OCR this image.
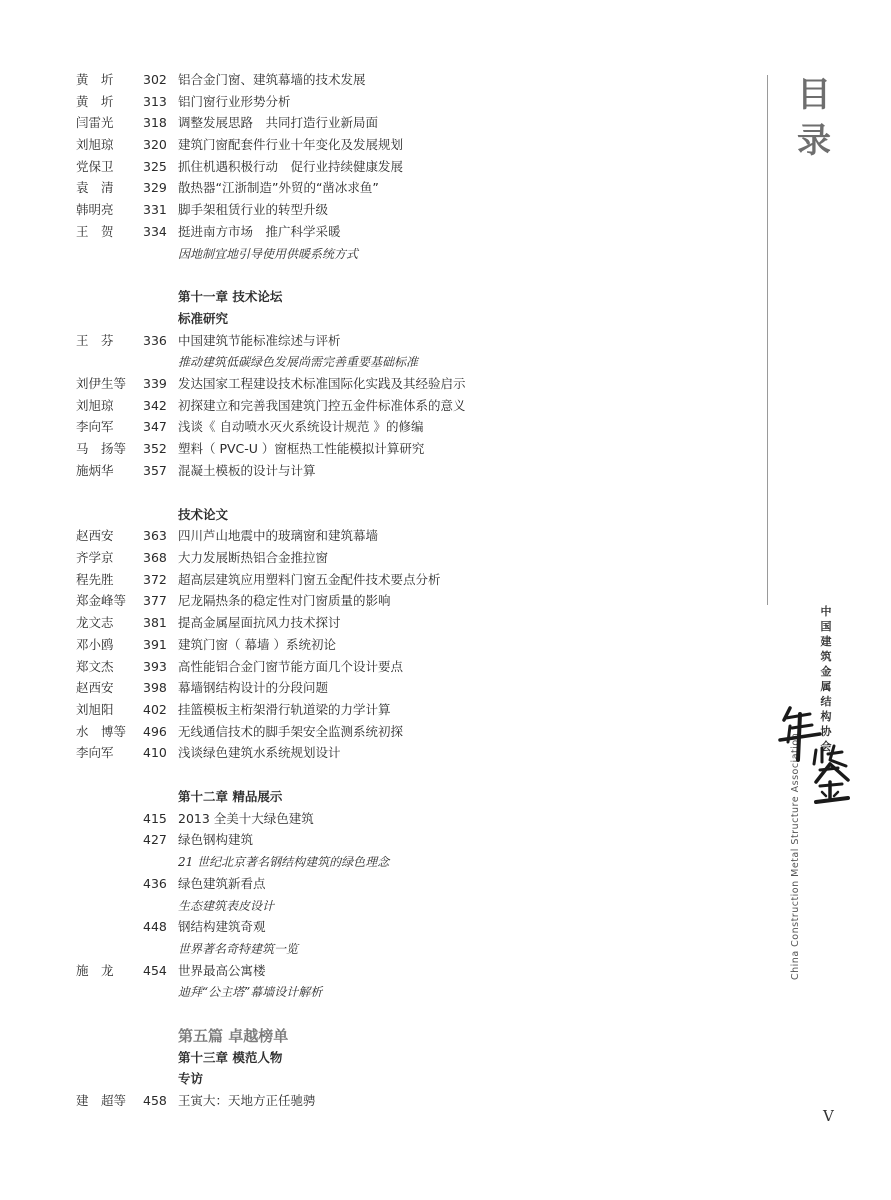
黄　圻 302 铝合金门窗、建筑幕墙的技术发展
黄　圻 313 铝门窗行业形势分析
闫雷光 318 调整发展思路　共同打造行业新局面
刘旭琼 320 建筑门窗配套件行业十年变化及发展规划
党保卫 325 抓住机遇积极行动　促行业持续健康发展
袁　清 329 散热器“江浙制造”外贸的“凿冰求鱼”
韩明亮 331 脚手架租赁行业的转型升级
王　贺 334 挺进南方市场　推广科学采暖
因地制宜地引导使用供暖系统方式
第十一章 技术论坛
标准研究
王　芬 336 中国建筑节能标准综述与评析
推动建筑低碳绿色发展尚需完善重要基础标准
刘伊生等 339 发达国家工程建设技术标准国际化实践及其经验启示
刘旭琼 342 初探建立和完善我国建筑门控五金件标准体系的意义
李向军 347 浅谈《 自动喷水灭火系统设计规范 》的修编
马　扬等 352 塑料（ PVC-U ）窗框热工性能模拟计算研究
施炳华 357 混凝土模板的设计与计算
技术论文
赵西安 363 四川芦山地震中的玻璃窗和建筑幕墙
齐学京 368 大力发展断热铝合金推拉窗
程先胜 372 超高层建筑应用塑料门窗五金配件技术要点分析
郑金峰等 377 尼龙隔热条的稳定性对门窗质量的影响
龙文志 381 提高金属屋面抗风力技术探讨
邓小鸥 391 建筑门窗（ 幕墙 ）系统初论
郑文杰 393 高性能铝合金门窗节能方面几个设计要点
赵西安 398 幕墙钢结构设计的分段问题
刘旭阳 402 挂篮模板主桁架滑行轨道梁的力学计算
水　博等 496 无线通信技术的脚手架安全监测系统初探
李向军 410 浅谈绿色建筑水系统规划设计
第十二章 精品展示
415 2013 全美十大绿色建筑
427 绿色钢构建筑
21 世纪北京著名钢结构建筑的绿色理念
436 绿色建筑新看点
生态建筑表皮设计
448 钢结构建筑奇观
世界著名奇特建筑一览
施　龙 454 世界最高公寓楼
迪拜“公主塔”幕墙设计解析
第五篇 卓越榜单
第十三章 模范人物
专访
建　超等 458 王寅大：天地方正任驰骋
目
录
中
国
建
筑
金
属
结
构
协
会
China Construction Metal Structure Association
年鉴
V
